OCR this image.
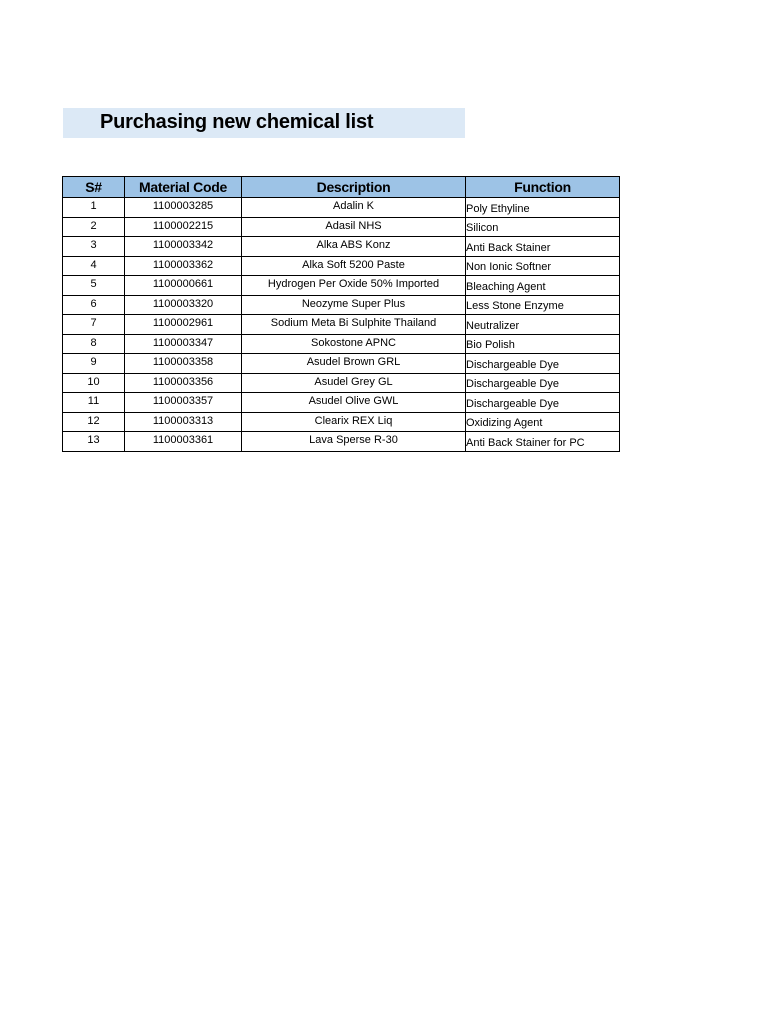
Purchasing new chemical list
S#	Material Code	Description	Function
1	1100003285	Adalin K	Poly Ethyline
2	1100002215	Adasil NHS	Silicon
3	1100003342	Alka ABS Konz	Anti Back Stainer
4	1100003362	Alka Soft 5200 Paste	Non Ionic Softner
5	1100000661	Hydrogen Per Oxide 50% Imported	Bleaching Agent
6	1100003320	Neozyme Super Plus	Less Stone Enzyme
7	1100002961	Sodium Meta Bi Sulphite Thailand	Neutralizer
8	1100003347	Sokostone APNC	Bio Polish
9	1100003358	Asudel Brown GRL	Dischargeable Dye
10	1100003356	Asudel Grey GL	Dischargeable Dye
11	1100003357	Asudel Olive GWL	Dischargeable Dye
12	1100003313	Clearix REX Liq	Oxidizing Agent
13	1100003361	Lava Sperse R-30	Anti Back Stainer for PC
